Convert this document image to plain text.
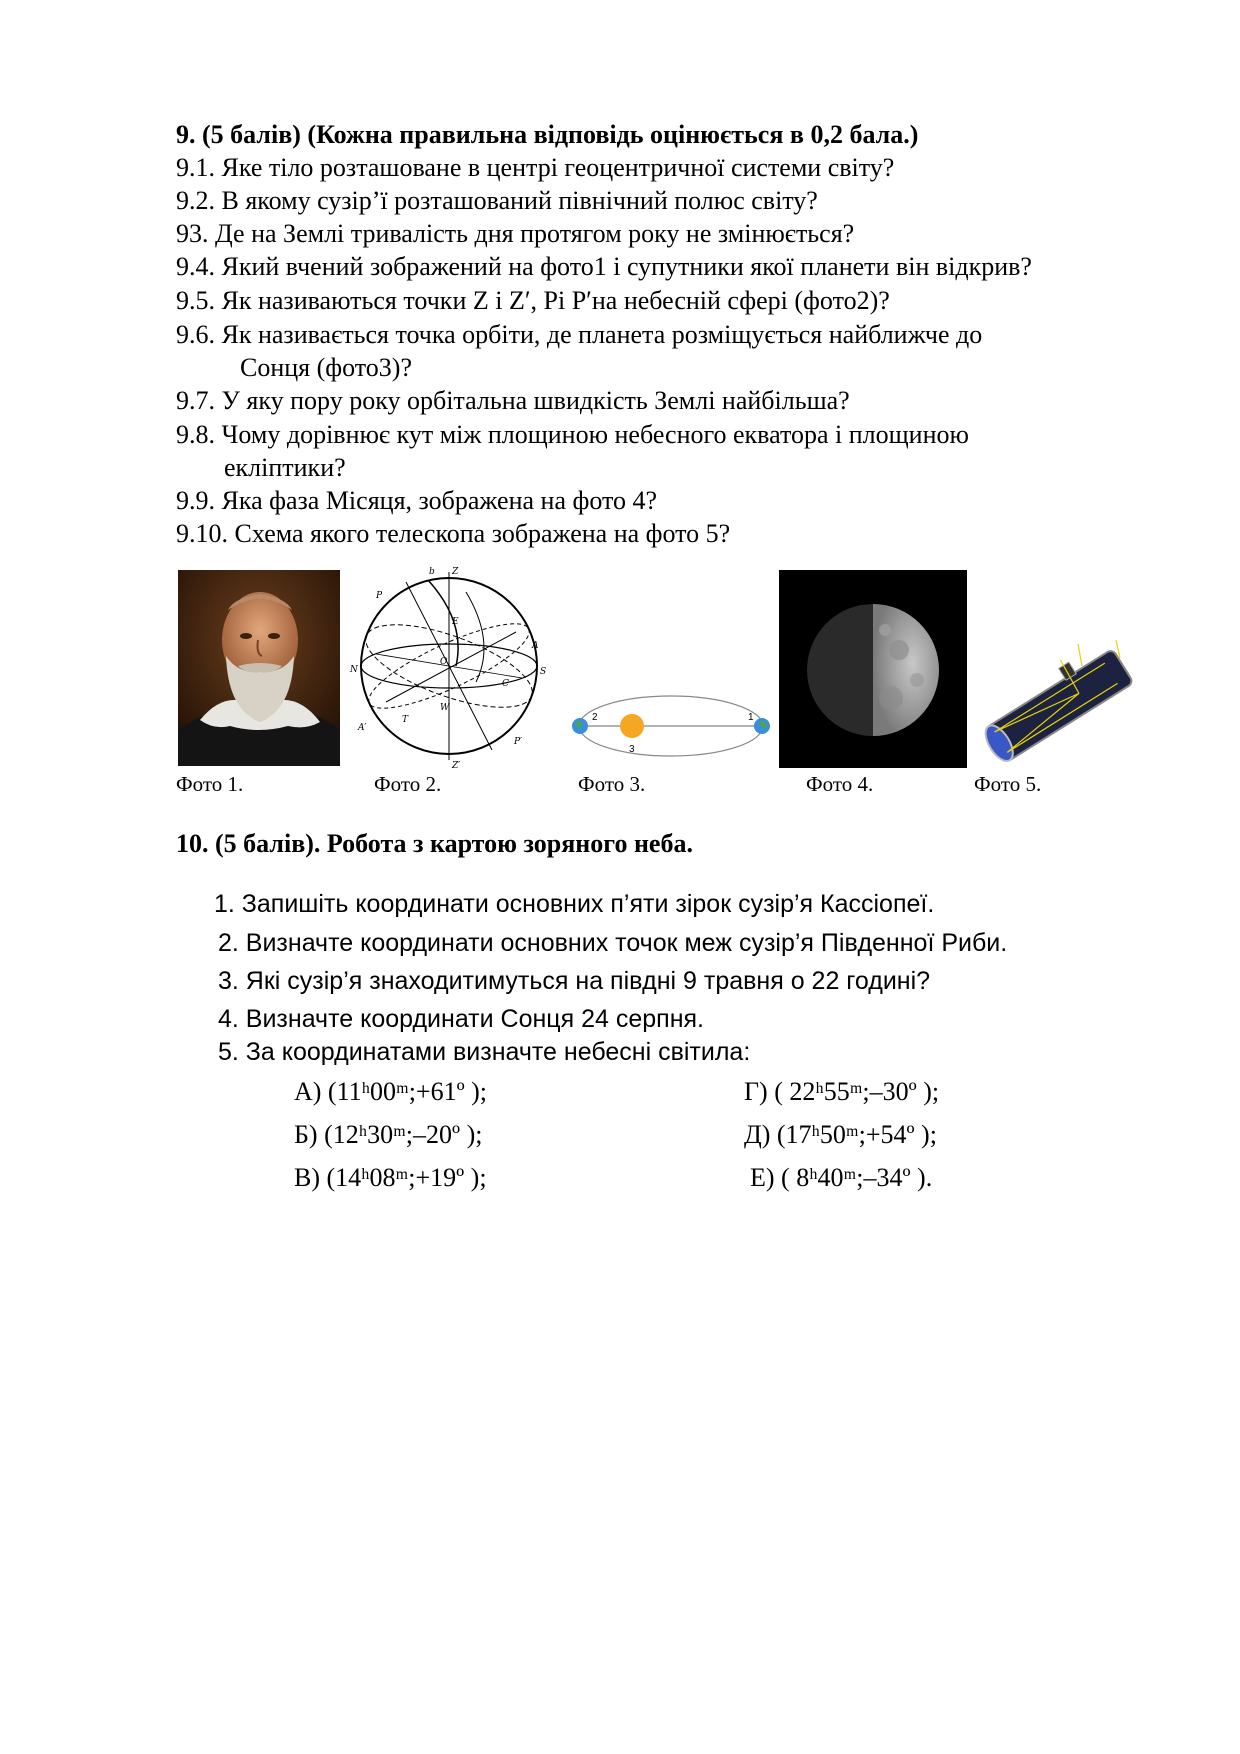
9. (5 балів) (Кожна правильна відповідь оцінюється в 0,2 бала.)
9.1. Яке тіло розташоване в центрі геоцентричної системи світу?
9.2. В якому сузір’ї розташований північний полюс світу?
93. Де на Землі тривалість дня протягом року не змінюється?
9.4. Який вчений зображений на фото1 і супутники якої планети він відкрив?
9.5. Як називаються точки Z і Z′, Pі P′на небесній сфері (фото2)?
9.6. Як називається точка орбіти, де планета розміщується найближче до
Сонця (фото3)?
9.7. У яку пору року орбітальна швидкість Землі найбільша?
9.8. Чому дорівнює кут між площиною небесного екватора і площиною
екліптики?
9.9. Яка фаза Місяця, зображена на фото 4?
9.10. Схема якого телескопа зображена на фото 5?
b
P
Z
Z′
E
A
N	S
O
W
C
A′
T
P′
2	1
3
Фото 1.	Фото 2.	Фото 3.	Фото 4.	Фото 5.
10. (5 балів). Робота з картою зоряного неба.
1. Запишіть координати основних п’яти зірок сузір’я Кассіопеї.
2. Визначте координати основних точок меж сузір’я Південної Риби.
3. Які сузір’я знаходитимуться на півдні 9 травня о 22 годині?
4. Визначте координати Сонця 24 серпня.
5. За координатами визначте небесні світила:
А) (11ʰ00ᵐ;+61º );
Б) (12ʰ30ᵐ;–20º );
В) (14ʰ08ᵐ;+19º );
Г) ( 22ʰ55ᵐ;–30º );
Д) (17ʰ50ᵐ;+54º );
Е) ( 8ʰ40ᵐ;–34º ).
